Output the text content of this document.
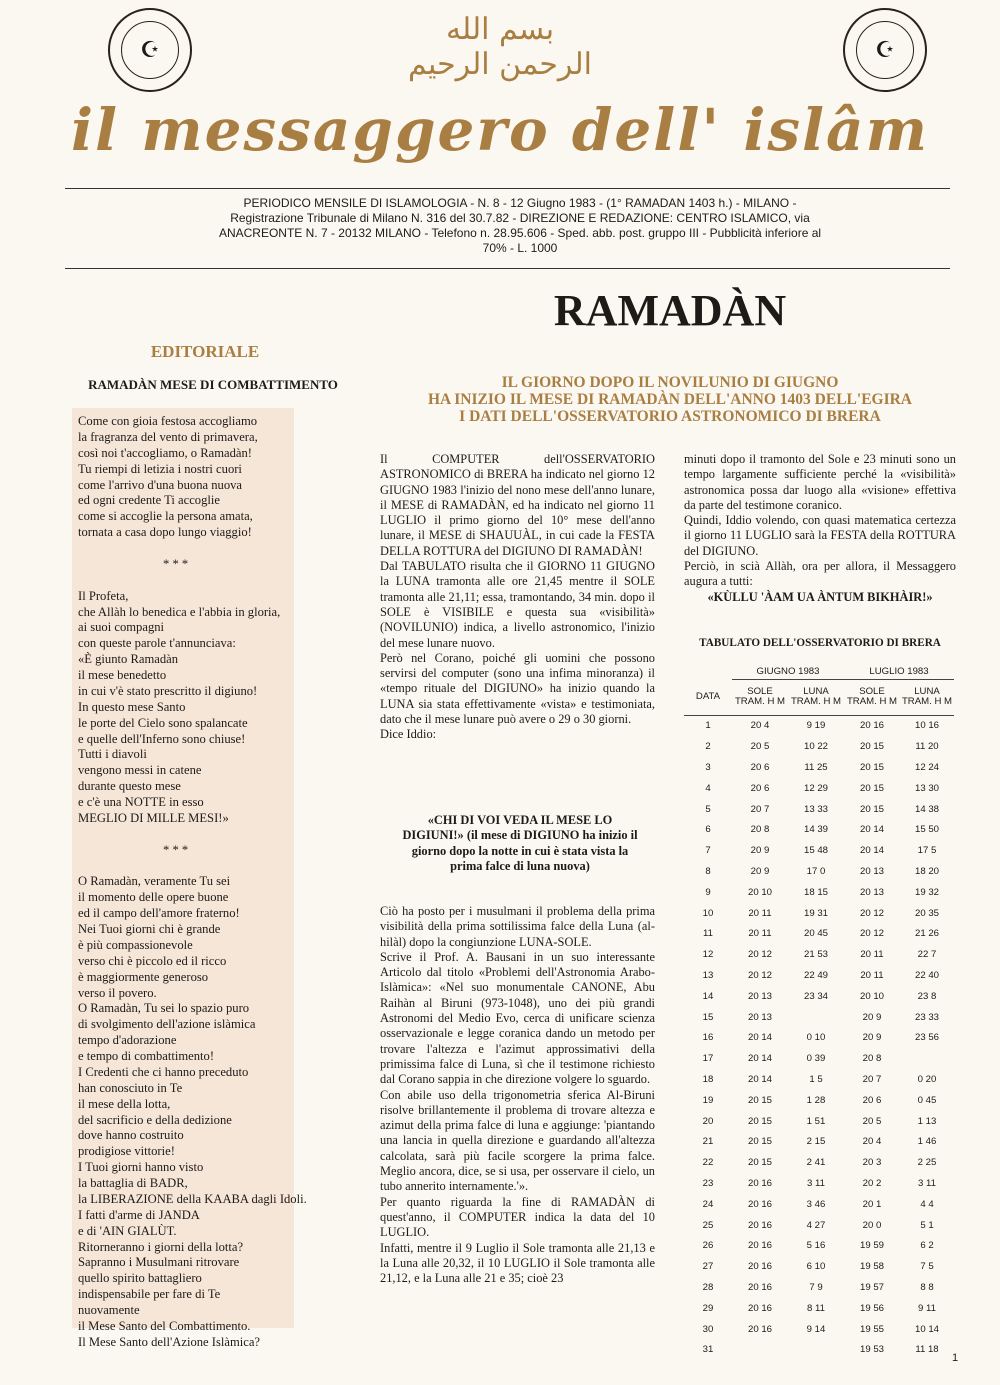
☪	☪
بسم الله الرحمن الرحيم
il messaggero dell' islâm
PERIODICO MENSILE DI ISLAMOLOGIA - N. 8 - 12 Giugno 1983 - (1° RAMADAN 1403 h.) - MILANO - Registrazione Tribunale di Milano N. 316 del 30.7.82 - DIREZIONE E REDAZIONE: CENTRO ISLAMICO, via ANACREONTE N. 7 - 20132 MILANO - Telefono n. 28.95.606 - Sped. abb. post. gruppo III - Pubblicità inferiore al 70% - L. 1000
RAMADÀN
EDITORIALE
RAMADÀN MESE DI COMBATTIMENTO
Come con gioia festosa accogliamo
la fragranza del vento di primavera,
così noi t'accogliamo, o Ramadàn!
Tu riempi di letizia i nostri cuori
come l'arrivo d'una buona nuova
ed ogni credente Ti accoglie
come si accoglie la persona amata,
tornata a casa dopo lungo viaggio!

* * *

Il Profeta,
che Allàh lo benedica e l'abbia in gloria,
ai suoi compagni
con queste parole t'annunciava:
«È giunto Ramadàn
il mese benedetto
in cui v'è stato prescritto il digiuno!
In questo mese Santo
le porte del Cielo sono spalancate
e quelle dell'Inferno sono chiuse!
Tutti i diavoli
vengono messi in catene
durante questo mese
e c'è una NOTTE in esso
MEGLIO DI MILLE MESI!»

* * *

O Ramadàn, veramente Tu sei
il momento delle opere buone
ed il campo dell'amore fraterno!
Nei Tuoi giorni chi è grande
è più compassionevole
verso chi è piccolo ed il ricco
è maggiormente generoso
verso il povero.
O Ramadàn, Tu sei lo spazio puro
di svolgimento dell'azione islàmica
tempo d'adorazione
e tempo di combattimento!
I Credenti che ci hanno preceduto
han conosciuto in Te
il mese della lotta,
del sacrificio e della dedizione
dove hanno costruito
prodigiose vittorie!
I Tuoi giorni hanno visto
la battaglia di BADR,
la LIBERAZIONE della KAABA dagli Idoli.
I fatti d'arme di JANDA
e di 'AIN GIALÙT.
Ritorneranno i giorni della lotta?
Sapranno i Musulmani ritrovare
quello spirito battagliero
indispensabile per fare di Te
nuovamente
il Mese Santo del Combattimento.
Il Mese Santo dell'Azione Islàmica?
IL GIORNO DOPO IL NOVILUNIO DI GIUGNO
HA INIZIO IL MESE DI RAMADÀN DELL'ANNO 1403 DELL'EGIRA
I DATI DELL'OSSERVATORIO ASTRONOMICO DI BRERA

Il COMPUTER dell'OSSERVATORIO ASTRONOMICO di BRERA ha indicato nel giorno 12 GIUGNO 1983 l'inizio del nono mese dell'anno lunare, il MESE di RAMADÀN, ed ha indicato nel giorno 11 LUGLIO il primo giorno del 10° mese dell'anno lunare, il MESE di SHAUUÀL, in cui cade la FESTA DELLA ROTTURA del DIGIUNO DI RAMADÀN!

Dal TABULATO risulta che il GIORNO 11 GIUGNO la LUNA tramonta alle ore 21,45 mentre il SOLE tramonta alle 21,11; essa, tramontando, 34 min. dopo il SOLE è VISIBILE e questa sua «visibilità» (NOVILUNIO) indica, a livello astronomico, l'inizio del mese lunare nuovo.

Però nel Corano, poiché gli uomini che possono servirsi del computer (sono una infima minoranza) il «tempo rituale del DIGIUNO» ha inizio quando la LUNA sia stata effettivamente «vista» e testimoniata, dato che il mese lunare può avere o 29 o 30 giorni.

Dice Iddio:

«CHI DI VOI VEDA IL MESE LO DIGIUNI!» (il mese di DIGIUNO ha inizio il giorno dopo la notte in cui è stata vista la prima falce di luna nuova)

Ciò ha posto per i musulmani il problema della prima visibilità della prima sottilissima falce della Luna (al-hilàl) dopo la congiunzione LUNA-SOLE.

Scrive il Prof. A. Bausani in un suo interessante Articolo dal titolo «Problemi dell'Astronomia Arabo-Islàmica»: «Nel suo monumentale CANONE, Abu Raihàn al Biruni (973-1048), uno dei più grandi Astronomi del Medio Evo, cerca di unificare scienza osservazionale e legge coranica dando un metodo per trovare l'altezza e l'azimut approssimativi della primissima falce di Luna, sì che il testimone richiesto dal Corano sappia in che direzione volgere lo sguardo.

Con abile uso della trigonometria sferica Al-Biruni risolve brillantemente il problema di trovare altezza e azimut della prima falce di luna e aggiunge: 'piantando una lancia in quella direzione e guardando all'altezza calcolata, sarà più facile scorgere la prima falce. Meglio ancora, dice, se si usa, per osservare il cielo, un tubo annerito internamente.'».

Per quanto riguarda la fine di RAMADÀN di quest'anno, il COMPUTER indica la data del 10 LUGLIO.

Infatti, mentre il 9 Luglio il Sole tramonta alle 21,13 e la Luna alle 20,32, il 10 LUGLIO il Sole tramonta alle 21,12, e la Luna alle 21 e 35; cioè 23

minuti dopo il tramonto del Sole e 23 minuti sono un tempo largamente sufficiente perché la «visibilità» astronomica possa dar luogo alla «visione» effettiva da parte del testimone coranico.

Quindi, Iddio volendo, con quasi matematica certezza il giorno 11 LUGLIO sarà la FESTA della ROTTURA del DIGIUNO.

Perciò, in scià Allàh, ora per allora, il Messaggero augura a tutti:

«KÙLLU 'ÀAM UA ÀNTUM BIKHÀIR!»

TABULATO DELL'OSSERVATORIO DI BRERA
	GIUGNO 1983		LUGLIO 1983	
DATA	SOLE TRAM. H M	LUNA TRAM. H M	SOLE TRAM. H M	LUNA TRAM. H M
1	20 4	9 19	20 16	10 16
2	20 5	10 22	20 15	11 20
3	20 6	11 25	20 15	12 24
4	20 6	12 29	20 15	13 30
5	20 7	13 33	20 15	14 38
6	20 8	14 39	20 14	15 50
7	20 9	15 48	20 14	17 5
8	20 9	17 0	20 13	18 20
9	20 10	18 15	20 13	19 32
10	20 11	19 31	20 12	20 35
11	20 11	20 45	20 12	21 26
12	20 12	21 53	20 11	22 7
13	20 12	22 49	20 11	22 40
14	20 13	23 34	20 10	23 8
15	20 13		20 9	23 33
16	20 14	0 10	20 9	23 56
17	20 14	0 39	20 8	
18	20 14	1 5	20 7	0 20
19	20 15	1 28	20 6	0 45
20	20 15	1 51	20 5	1 13
21	20 15	2 15	20 4	1 46
22	20 15	2 41	20 3	2 25
23	20 16	3 11	20 2	3 11
24	20 16	3 46	20 1	4 4
25	20 16	4 27	20 0	5 1
26	20 16	5 16	19 59	6 2
27	20 16	6 10	19 58	7 5
28	20 16	7 9	19 57	8 8
29	20 16	8 11	19 56	9 11
30	20 16	9 14	19 55	10 14
31			19 53	11 18
1
